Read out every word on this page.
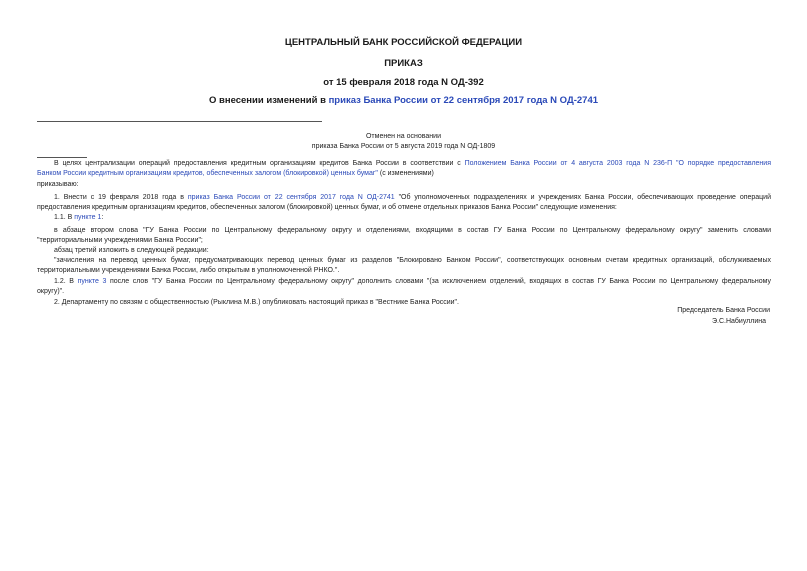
ЦЕНТРАЛЬНЫЙ БАНК РОССИЙСКОЙ ФЕДЕРАЦИИ
ПРИКАЗ
от 15 февраля 2018 года N ОД-392
О внесении изменений в приказ Банка России от 22 сентября 2017 года N ОД-2741
Отменен на основании
приказа Банка России от 5 августа 2019 года N ОД-1809
В целях централизации операций предоставления кредитным организациям кредитов Банка России в соответствии с Положением Банка России от 4 августа 2003 года N 236-П "О порядке предоставления
Банком России кредитным организациям кредитов, обеспеченных залогом (блокировкой) ценных бумаг" (с изменениями)
приказываю:
1. Внести с 19 февраля 2018 года в приказ Банка России от 22 сентября 2017 года N ОД-2741 "Об уполномоченных подразделениях и учреждениях Банка России, обеспечивающих проведение операций
предоставления кредитным организациям кредитов, обеспеченных залогом (блокировкой) ценных бумаг, и об отмене отдельных приказов Банка России" следующие изменения:
1.1. В пункте 1:
в абзаце втором слова "ГУ Банка России по Центральному федеральному округу и отделениями, входящими в состав ГУ Банка России по Центральному федеральному округу" заменить словами
"территориальными учреждениями Банка России";
абзац третий изложить в следующей редакции:
"зачисления на перевод ценных бумаг, предусматривающих перевод ценных бумаг из разделов "Блокировано Банком России", соответствующих основным счетам кредитных организаций, обслуживаемых
территориальными учреждениями Банка России, либо открытым в уполномоченной РНКО.".
1.2. В пункте 3 после слов "ГУ Банка России по Центральному федеральному округу" дополнить словами "(за исключением отделений, входящих в состав ГУ Банка России по Центральному федеральному
округу)".
2. Департаменту по связям с общественностью (Рыклина М.В.) опубликовать настоящий приказ в "Вестнике Банка России".
Председатель Банка России
Э.С.Набиуллина
